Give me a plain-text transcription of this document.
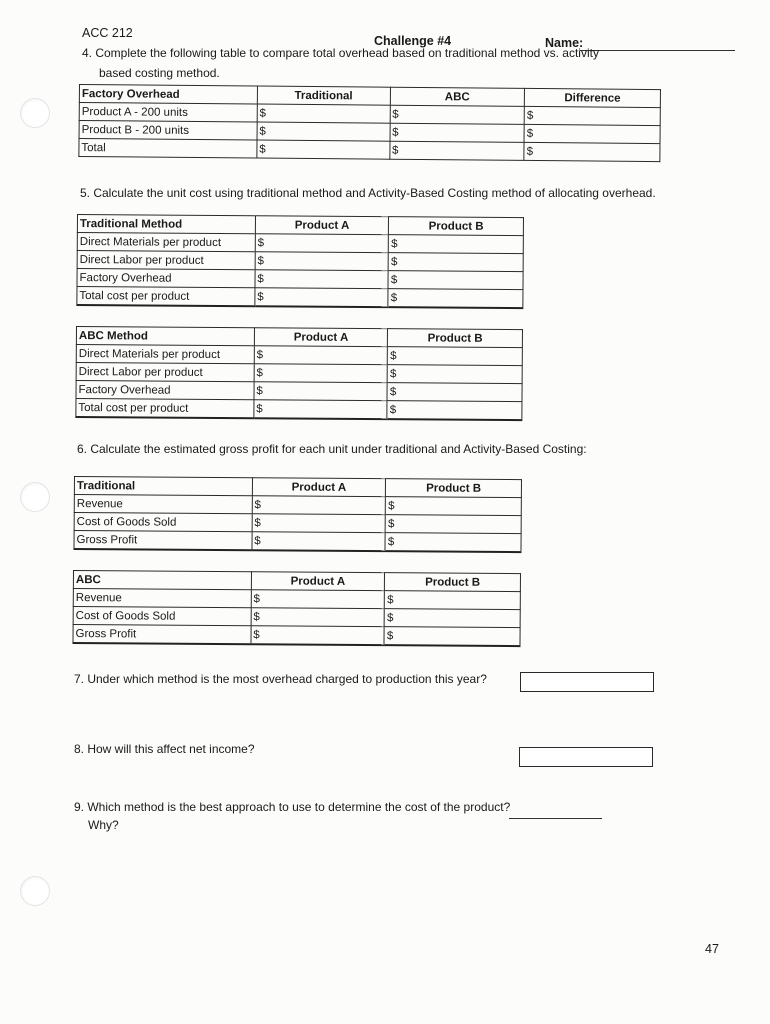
ACC 212
Challenge #4	Name:
4. Complete the following table to compare total overhead based on traditional method vs. activity
based costing method.
Factory Overhead	Traditional	ABC	Difference
Product A - 200 units	$	$	$
Product B - 200 units	$	$	$
Total	$	$	$
5. Calculate the unit cost using traditional method and Activity-Based Costing method of allocating overhead.
Traditional Method	Product A	Product B
Direct Materials per product	$	$
Direct Labor per product	$	$
Factory Overhead	$	$
Total cost per product	$	$
ABC Method	Product A	Product B
Direct Materials per product	$	$
Direct Labor per product	$	$
Factory Overhead	$	$
Total cost per product	$	$
6. Calculate the estimated gross profit for each unit under traditional and Activity-Based Costing:
Traditional	Product A	Product B
Revenue	$	$
Cost of Goods Sold	$	$
Gross Profit	$	$
ABC	Product A	Product B
Revenue	$	$
Cost of Goods Sold	$	$
Gross Profit	$	$
7. Under which method is the most overhead charged to production this year?
8. How will this affect net income?
9. Which method is the best approach to use to determine the cost of the product?
Why?
47
